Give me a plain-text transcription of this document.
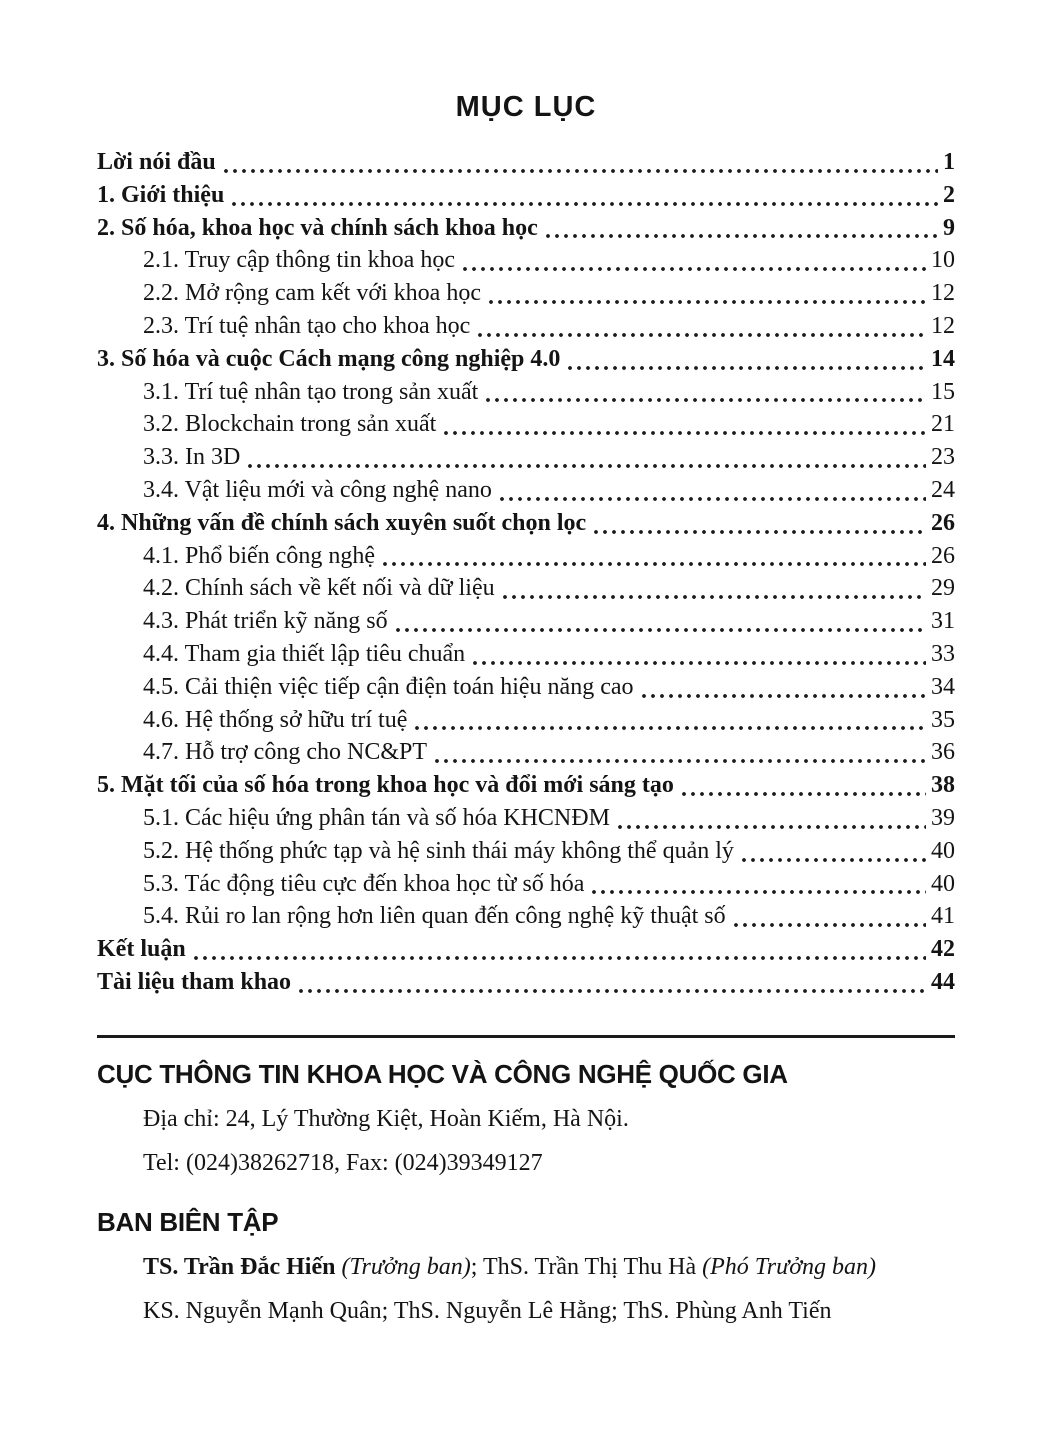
MỤC LỤC
Lời nói đầu	1
1. Giới thiệu	2
2. Số hóa, khoa học và chính sách khoa học	9
2.1. Truy cập thông tin khoa học	10
2.2. Mở rộng cam kết với khoa học	12
2.3. Trí tuệ nhân tạo cho khoa học	12
3. Số hóa và cuộc Cách mạng công nghiệp 4.0	14
3.1. Trí tuệ nhân tạo trong sản xuất	15
3.2. Blockchain trong sản xuất	21
3.3. In 3D	23
3.4. Vật liệu mới và công nghệ nano	24
4. Những vấn đề chính sách xuyên suốt chọn lọc	26
4.1. Phổ biến công nghệ	26
4.2. Chính sách về kết nối và dữ liệu	29
4.3. Phát triển kỹ năng số	31
4.4. Tham gia thiết lập tiêu chuẩn	33
4.5. Cải thiện việc tiếp cận điện toán hiệu năng cao	34
4.6. Hệ thống sở hữu trí tuệ	35
4.7. Hỗ trợ công cho NC&PT	36
5. Mặt tối của số hóa trong khoa học và đổi mới sáng tạo	38
5.1. Các hiệu ứng phân tán và số hóa KHCNĐM	39
5.2. Hệ thống phức tạp và hệ sinh thái máy không thể quản lý	40
5.3. Tác động tiêu cực đến khoa học từ số hóa	40
5.4. Rủi ro lan rộng hơn liên quan đến công nghệ kỹ thuật số	41
Kết luận	42
Tài liệu tham khao	44
CỤC THÔNG TIN KHOA HỌC VÀ CÔNG NGHỆ QUỐC GIA
Địa chỉ: 24, Lý Thường Kiệt, Hoàn Kiếm, Hà Nội.
Tel: (024)38262718, Fax: (024)39349127
BAN BIÊN TẬP
TS. Trần Đắc Hiến (Trưởng ban); ThS. Trần Thị Thu Hà (Phó Trưởng ban)
KS. Nguyễn Mạnh Quân; ThS. Nguyễn Lê Hằng; ThS. Phùng Anh Tiến
